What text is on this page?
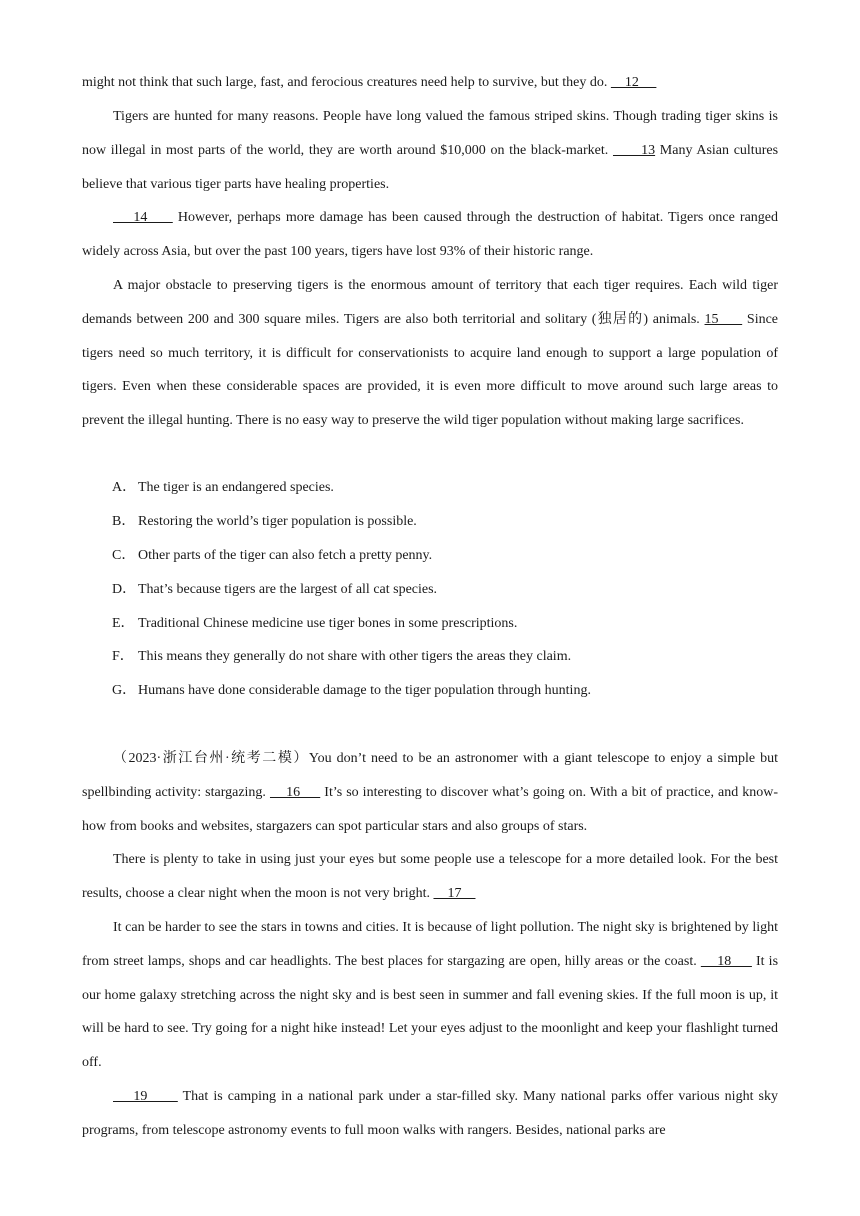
might not think that such large, fast, and ferocious creatures need help to survive, but they do.     12

Tigers are hunted for many reasons. People have long valued the famous striped skins. Though trading tiger skins is now illegal in most parts of the world, they are worth around $10,000 on the black-market.       13 Many Asian cultures believe that various tiger parts have healing properties.

14      However, perhaps more damage has been caused through the destruction of habitat. Tigers once ranged widely across Asia, but over the past 100 years, tigers have lost 93% of their historic range.

A major obstacle to preserving tigers is the enormous amount of territory that each tiger requires. Each wild tiger demands between 200 and 300 square miles. Tigers are also both territorial and solitary (独居的) animals. 15      Since tigers need so much territory, it is difficult for conservationists to acquire land enough to support a large population of tigers. Even when these considerable spaces are provided, it is even more difficult to move around such large areas to prevent the illegal hunting. There is no easy way to preserve the wild tiger population without making large sacrifices.

A． The tiger is an endangered species.
B． Restoring the world’s tiger population is possible.
C． Other parts of the tiger can also fetch a pretty penny.
D． That’s because tigers are the largest of all cat species.
E． Traditional Chinese medicine use tiger bones in some prescriptions.
F． This means they generally do not share with other tigers the areas they claim.
G． Humans have done considerable damage to the tiger population through hunting.

（2023·浙江台州·统考二模）You don’t need to be an astronomer with a giant telescope to enjoy a simple but spellbinding activity: stargazing.     16      It’s so interesting to discover what’s going on. With a bit of practice, and know-how from books and websites, stargazers can spot particular stars and also groups of stars.

There is plenty to take in using just your eyes but some people use a telescope for a more detailed look. For the best results, choose a clear night when the moon is not very bright.     17

It can be harder to see the stars in towns and cities. It is because of light pollution. The night sky is brightened by light from street lamps, shops and car headlights. The best places for stargazing are open, hilly areas or the coast.     18      It is our home galaxy stretching across the night sky and is best seen in summer and fall evening skies. If the full moon is up, it will be hard to see. Try going for a night hike instead! Let your eyes adjust to the moonlight and keep your flashlight turned off.

19       That is camping in a national park under a star-filled sky. Many national parks offer various night sky programs, from telescope astronomy events to full moon walks with rangers. Besides, national parks are
